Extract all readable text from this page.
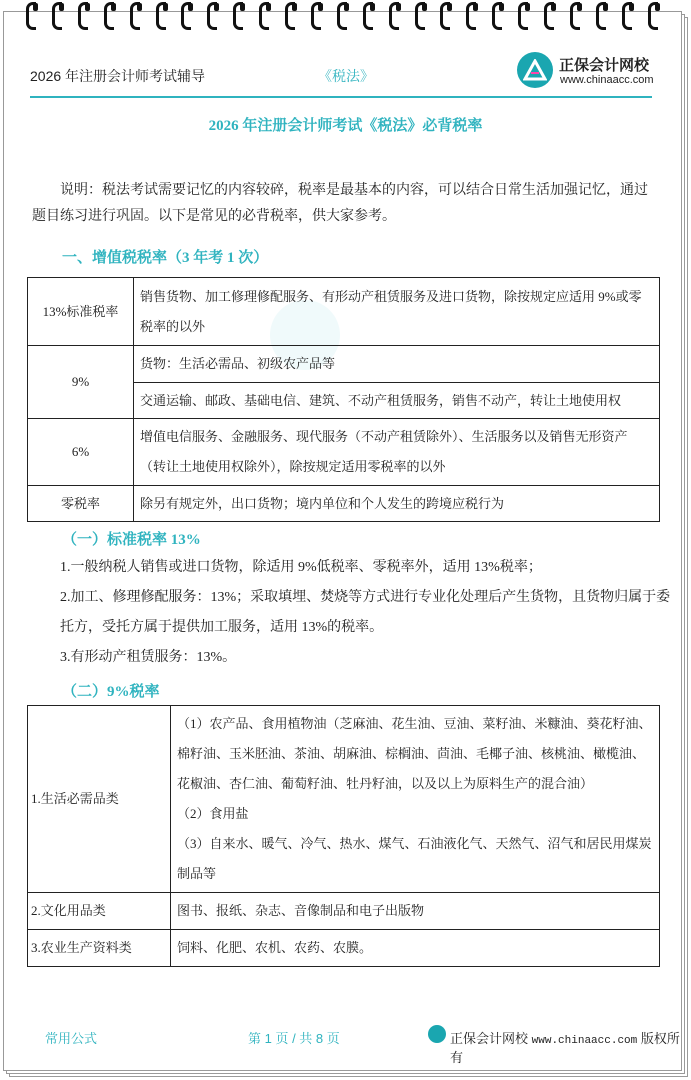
2026 年注册会计师考试辅导	《税法》
正保会计网校
www.chinaacc.com
2026 年注册会计师考试《税法》必背税率

说明：税法考试需要记忆的内容较碎，税率是最基本的内容，可以结合日常生活加强记忆，通过题目练习进行巩固。以下是常见的必背税率，供大家参考。

一、增值税税率（3 年考 1 次）
13%标准税率	销售货物、加工修理修配服务、有形动产租赁服务及进口货物，除按规定应适用 9%或零税率的以外
9%	货物：生活必需品、初级农产品等
	交通运输、邮政、基础电信、建筑、不动产租赁服务，销售不动产，转让土地使用权
6%	增值电信服务、金融服务、现代服务（不动产租赁除外）、生活服务以及销售无形资产（转让土地使用权除外），除按规定适用零税率的以外
零税率	除另有规定外，出口货物；境内单位和个人发生的跨境应税行为
（一）标准税率 13%
1.一般纳税人销售或进口货物，除适用 9%低税率、零税率外，适用 13%税率；
2.加工、修理修配服务：13%；采取填埋、焚烧等方式进行专业化处理后产生货物，且货物归属于委
托方，受托方属于提供加工服务，适用 13%的税率。
3.有形动产租赁服务：13%。
（二）9%税率
1.生活必需品类	（1）农产品、食用植物油（芝麻油、花生油、豆油、菜籽油、米糠油、葵花籽油、棉籽油、玉米胚油、茶油、胡麻油、棕榈油、茴油、毛椰子油、核桃油、橄榄油、花椒油、杏仁油、葡萄籽油、牡丹籽油，以及以上为原料生产的混合油）
（2）食用盐
（3）自来水、暖气、冷气、热水、煤气、石油液化气、天然气、沼气和居民用煤炭制品等

2.文化用品类	图书、报纸、杂志、音像制品和电子出版物
3.农业生产资料类	饲料、化肥、农机、农药、农膜。
常用公式	第 1 页 / 共 8 页	正保会计网校 www.chinaacc.com 版权所有
